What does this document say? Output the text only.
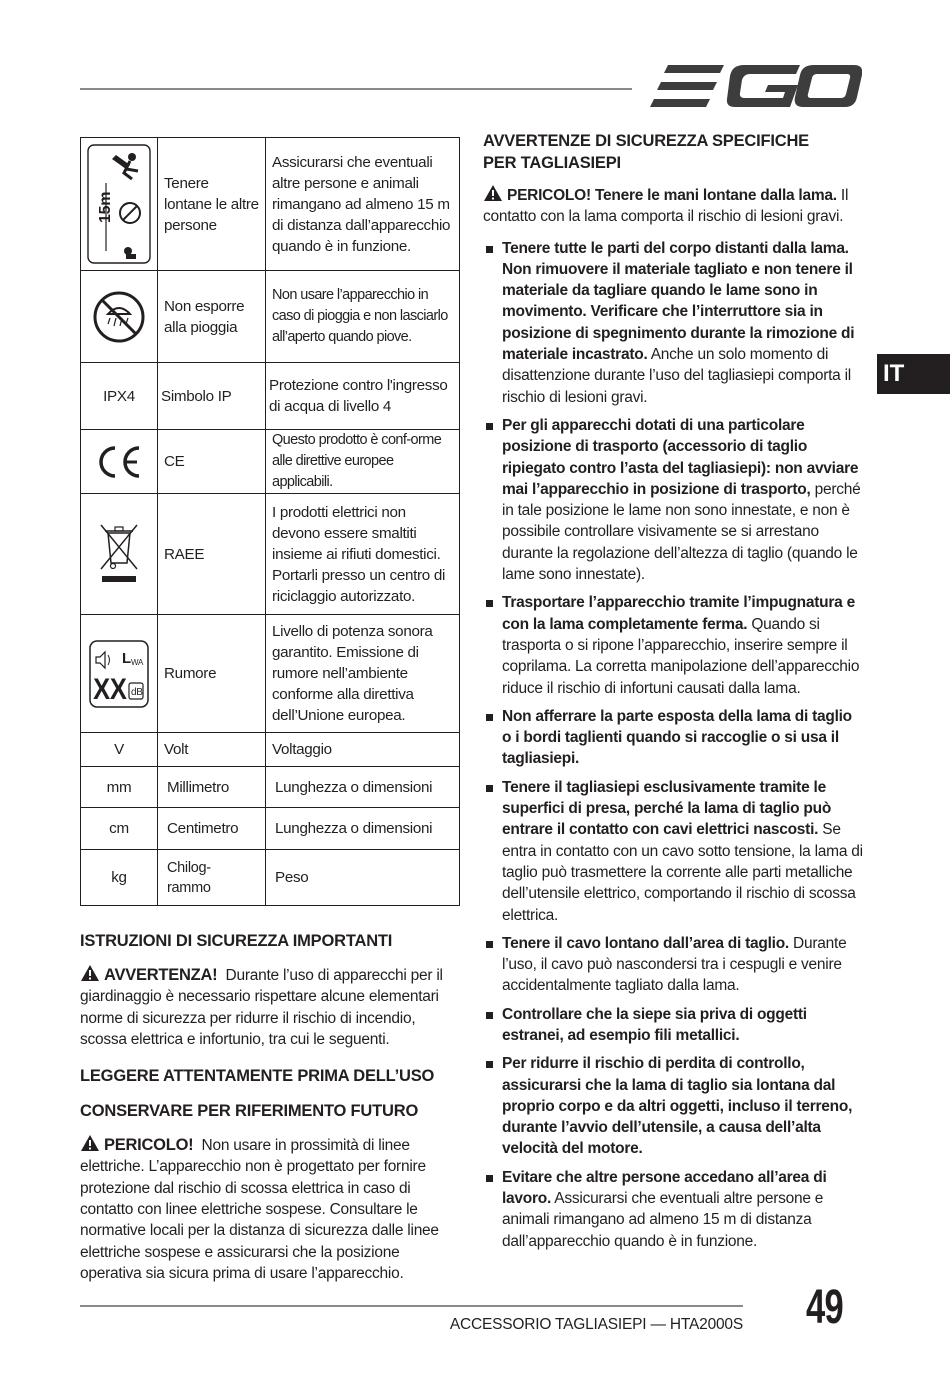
IT
15m	Tenere lontane le altre persone	Assicurarsi che eventuali altre persone e animali rimangano ad almeno 15 m di distanza dall’apparecchio quando è in funzione.

	Non esporre alla pioggia	Non usare l’apparecchio in caso di pioggia e non lasciarlo all’aperto quando piove.
IPX4	Simbolo IP	Protezione contro l'ingresso di acqua di livello 4

	CE	Questo prodotto è conf-orme alle direttive europee applicabili.

	RAEE	I prodotti elettrici non devono essere smaltiti insieme ai rifiuti domestici. Portarli presso un centro di riciclaggio autorizzato.

L WA
XX dB	Rumore	Livello di potenza sonora garantito. Emissione di rumore nell’ambiente conforme alla direttiva dell’Unione europea.
V	Volt	Voltaggio
mm	Millimetro	Lunghezza o dimensioni
cm	Centimetro	Lunghezza o dimensioni
kg	Chilog-rammo	Peso

ISTRUZIONI DI SICUREZZA IMPORTANTI

AVVERTENZA! Durante l’uso di apparecchi per il giardinaggio è necessario rispettare alcune elementari norme di sicurezza per ridurre il rischio di incendio, scossa elettrica e infortunio, tra cui le seguenti.

LEGGERE ATTENTAMENTE PRIMA DELL’USO

CONSERVARE PER RIFERIMENTO FUTURO

PERICOLO! Non usare in prossimità di linee elettriche. L’apparecchio non è progettato per fornire protezione dal rischio di scossa elettrica in caso di contatto con linee elettriche sospese. Consultare le normative locali per la distanza di sicurezza dalle linee elettriche sospese e assicurarsi che la posizione operativa sia sicura prima di usare l’apparecchio.

AVVERTENZE DI SICUREZZA SPECIFICHE PER TAGLIASIEPI

PERICOLO! Tenere le mani lontane dalla lama. Il contatto con la lama comporta il rischio di lesioni gravi.

Tenere tutte le parti del corpo distanti dalla lama. Non rimuovere il materiale tagliato e non tenere il materiale da tagliare quando le lame sono in movimento. Verificare che l’interruttore sia in posizione di spegnimento durante la rimozione di materiale incastrato. Anche un solo momento di disattenzione durante l’uso del tagliasiepi comporta il rischio di lesioni gravi.
Per gli apparecchi dotati di una particolare posizione di trasporto (accessorio di taglio ripiegato contro l’asta del tagliasiepi): non avviare mai l’apparecchio in posizione di trasporto, perché in tale posizione le lame non sono innestate, e non è possibile controllare visivamente se si arrestano durante la regolazione dell’altezza di taglio (quando le lame sono innestate).
Trasportare l’apparecchio tramite l’impugnatura e con la lama completamente ferma. Quando si trasporta o si ripone l’apparecchio, inserire sempre il coprilama. La corretta manipolazione dell’apparecchio riduce il rischio di infortuni causati dalla lama.
Non afferrare la parte esposta della lama di taglio o i bordi taglienti quando si raccoglie o si usa il tagliasiepi.
Tenere il tagliasiepi esclusivamente tramite le superfici di presa, perché la lama di taglio può entrare il contatto con cavi elettrici nascosti. Se entra in contatto con un cavo sotto tensione, la lama di taglio può trasmettere la corrente alle parti metalliche dell’utensile elettrico, comportando il rischio di scossa elettrica.
Tenere il cavo lontano dall’area di taglio. Durante l’uso, il cavo può nascondersi tra i cespugli e venire accidentalmente tagliato dalla lama.
Controllare che la siepe sia priva di oggetti estranei, ad esempio fili metallici.
Per ridurre il rischio di perdita di controllo, assicurarsi che la lama di taglio sia lontana dal proprio corpo e da altri oggetti, incluso il terreno, durante l’avvio dell’utensile, a causa dell’alta velocità del motore.
Evitare che altre persone accedano all’area di lavoro. Assicurarsi che eventuali altre persone e animali rimangano ad almeno 15 m di distanza dall’apparecchio quando è in funzione.
ACCESSORIO TAGLIASIEPI — HTA2000S 49
